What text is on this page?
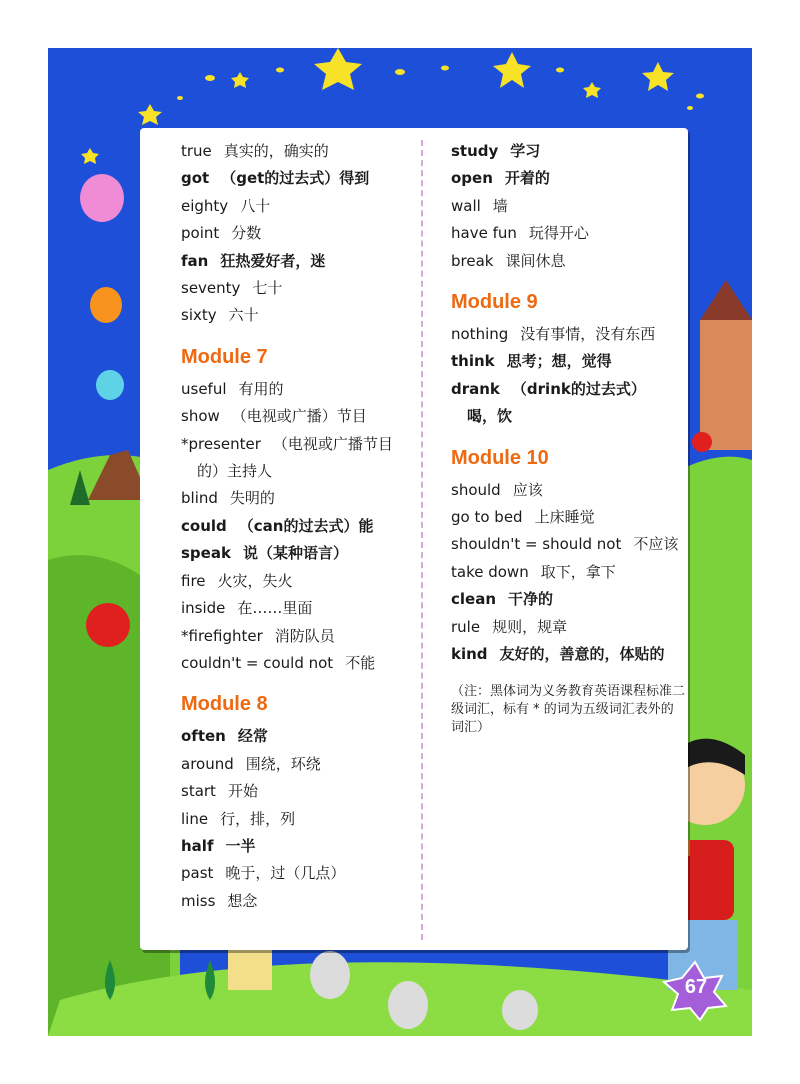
true 真实的，确实的
got （get的过去式）得到
eighty 八十
point 分数
fan 狂热爱好者，迷
seventy 七十
sixty 六十
Module 7
useful 有用的
show （电视或广播）节目
*presenter （电视或广播节目
的）主持人
blind 失明的
could （can的过去式）能
speak 说（某种语言）
fire 火灾，失火
inside 在……里面
*firefighter 消防队员
couldn't = could not 不能
Module 8
often 经常
around 围绕，环绕
start 开始
line 行，排，列
half 一半
past 晚于，过（几点）
miss 想念
study 学习
open 开着的
wall 墙
have fun 玩得开心
break 课间休息
Module 9
nothing 没有事情，没有东西
think 思考；想，觉得
drank （drink的过去式）
喝，饮
Module 10
should 应该
go to bed 上床睡觉
shouldn't = should not 不应该
take down 取下，拿下
clean 干净的
rule 规则，规章
kind 友好的，善意的，体贴的
（注：黑体词为义务教育英语课程标准二级词汇，标有 * 的词为五级词汇表外的词汇）
67
